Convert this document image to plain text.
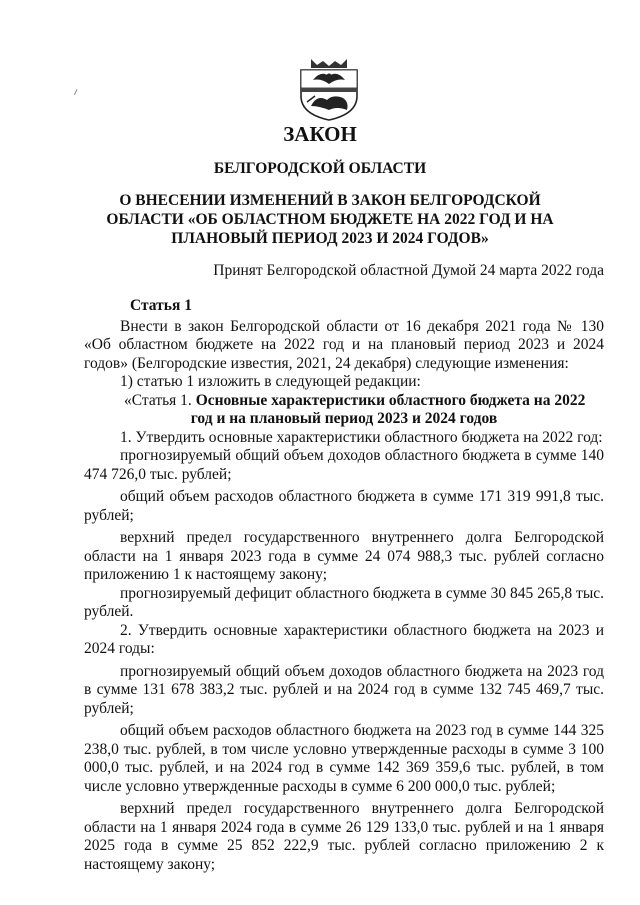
ЗАКОН
БЕЛГОРОДСКОЙ ОБЛАСТИ
О ВНЕСЕНИИ ИЗМЕНЕНИЙ В ЗАКОН БЕЛГОРОДСКОЙ ОБЛАСТИ «ОБ ОБЛАСТНОМ БЮДЖЕТЕ НА 2022 ГОД И НА ПЛАНОВЫЙ ПЕРИОД 2023 И 2024 ГОДОВ»
Принят Белгородской областной Думой 24 марта 2022 года

Статья 1

Внести в закон Белгородской области от 16 декабря 2021 года № 130 «Об областном бюджете на 2022 год и на плановый период 2023 и 2024 годов» (Белгородские известия, 2021, 24 декабря) следующие изменения:

1) статью 1 изложить в следующей редакции:

«Статья 1. Основные характеристики областного бюджета на 2022

год и на плановый период 2023 и 2024 годов

1. Утвердить основные характеристики областного бюджета на 2022 год:

прогнозируемый общий объем доходов областного бюджета в сумме 140 474 726,0 тыс. рублей;

общий объем расходов областного бюджета в сумме 171 319 991,8 тыс. рублей;

верхний предел государственного внутреннего долга Белгородской области на 1 января 2023 года в сумме 24 074 988,3 тыс. рублей согласно приложению 1 к настоящему закону;

прогнозируемый дефицит областного бюджета в сумме 30 845 265,8 тыс. рублей.

2. Утвердить основные характеристики областного бюджета на 2023 и 2024 годы:

прогнозируемый общий объем доходов областного бюджета на 2023 год в сумме 131 678 383,2 тыс. рублей и на 2024 год в сумме 132 745 469,7 тыс. рублей;

общий объем расходов областного бюджета на 2023 год в сумме 144 325 238,0 тыс. рублей, в том числе условно утвержденные расходы в сумме 3 100 000,0 тыс. рублей, и на 2024 год в сумме 142 369 359,6 тыс. рублей, в том числе условно утвержденные расходы в сумме 6 200 000,0 тыс. рублей;

верхний предел государственного внутреннего долга Белгородской области на 1 января 2024 года в сумме 26 129 133,0 тыс. рублей и на 1 января 2025 года в сумме 25 852 222,9 тыс. рублей согласно приложению 2 к настоящему закону;
